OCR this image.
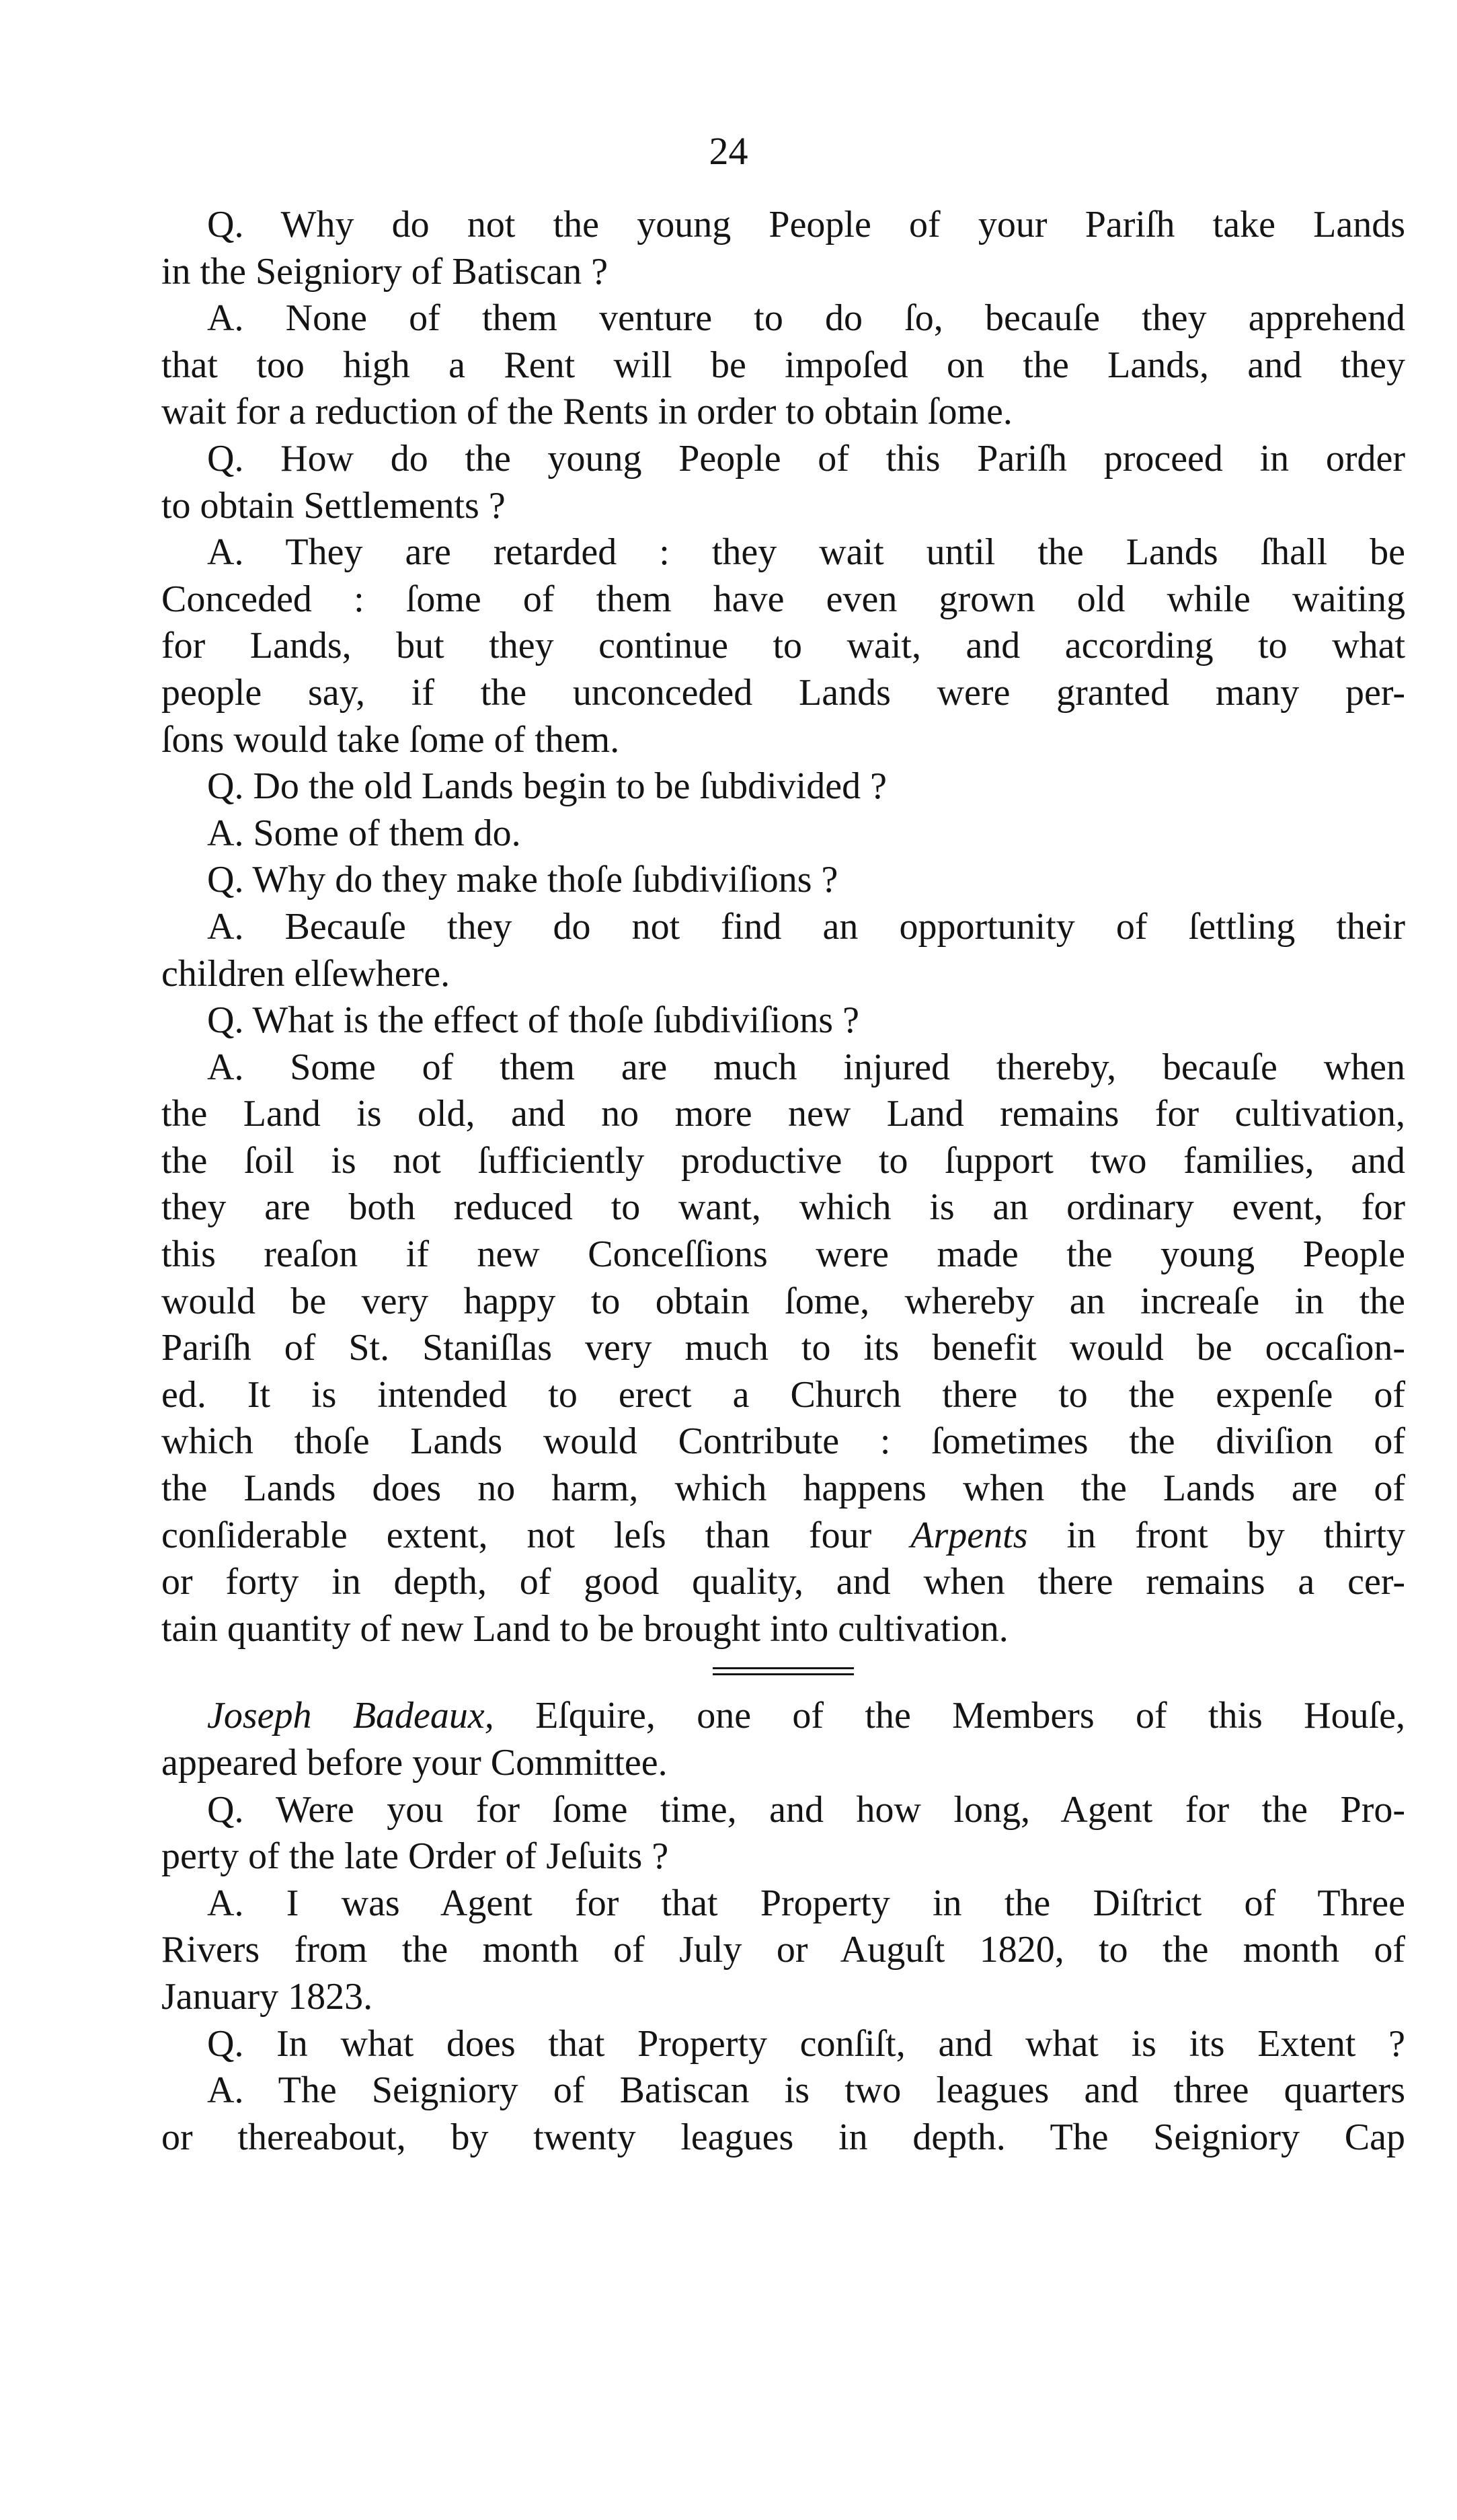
24
Q. Why do not the young People of your Pariſh take Lands
in the Seigniory of Batiscan ?
A. None of them venture to do ſo, becauſe they apprehend
that too high a Rent will be impoſed on the Lands, and they
wait for a reduction of the Rents in order to obtain ſome.
Q. How do the young People of this Pariſh proceed in order
to obtain Settlements ?
A. They are retarded : they wait until the Lands ſhall be
Conceded : ſome of them have even grown old while waiting
for Lands, but they continue to wait, and according to what
people say, if the unconceded Lands were granted many per-
ſons would take ſome of them.
Q. Do the old Lands begin to be ſubdivided ?
A. Some of them do.
Q. Why do they make thoſe ſubdiviſions ?
A. Becauſe they do not find an opportunity of ſettling their
children elſewhere.
Q. What is the effect of thoſe ſubdiviſions ?
A. Some of them are much injured thereby, becauſe when
the Land is old, and no more new Land remains for cultivation,
the ſoil is not ſufficiently productive to ſupport two families, and
they are both reduced to want, which is an ordinary event, for
this reaſon if new Conceſſions were made the young People
would be very happy to obtain ſome, whereby an increaſe in the
Pariſh of St. Staniſlas very much to its benefit would be occaſion-
ed. It is intended to erect a Church there to the expenſe of
which thoſe Lands would Contribute : ſometimes the diviſion of
the Lands does no harm, which happens when the Lands are of
conſiderable extent, not leſs than four Arpents in front by thirty
or forty in depth, of good quality, and when there remains a cer-
tain quantity of new Land to be brought into cultivation.
Joseph Badeaux, Eſquire, one of the Members of this Houſe,
appeared before your Committee.
Q. Were you for ſome time, and how long, Agent for the Pro-
perty of the late Order of Jeſuits ?
A. I was Agent for that Property in the Diſtrict of Three
Rivers from the month of July or Auguſt 1820, to the month of
January 1823.
Q. In what does that Property conſiſt, and what is its Extent ?
A. The Seigniory of Batiscan is two leagues and three quarters
or thereabout, by twenty leagues in depth. The Seigniory Cap
